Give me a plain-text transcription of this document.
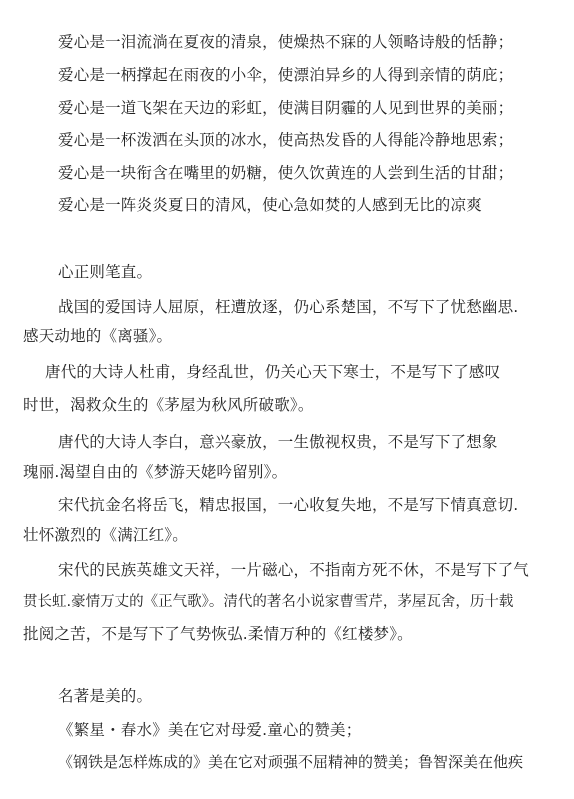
爱心是一泪流淌在夏夜的清泉，使燥热不寐的人领略诗般的恬静；
爱心是一柄撑起在雨夜的小伞，使漂泊异乡的人得到亲情的荫庇；
爱心是一道飞架在天边的彩虹，使满目阴霾的人见到世界的美丽；
爱心是一杯泼洒在头顶的冰水，使高热发昏的人得能冷静地思索；
爱心是一块衔含在嘴里的奶糖，使久饮黄连的人尝到生活的甘甜；
爱心是一阵炎炎夏日的清风，使心急如焚的人感到无比的凉爽
心正则笔直。
战国的爱国诗人屈原，枉遭放逐，仍心系楚国，不写下了忧愁幽思.
感天动地的《离骚》。
唐代的大诗人杜甫，身经乱世，仍关心天下寒士，不是写下了感叹
时世，渴救众生的《茅屋为秋风所破歌》。
唐代的大诗人李白，意兴豪放，一生傲视权贵，不是写下了想象
瑰丽.渴望自由的《梦游天姥吟留别》。
宋代抗金名将岳飞，精忠报国，一心收复失地，不是写下情真意切.
壮怀激烈的《满江红》。
宋代的民族英雄文天祥，一片磁心，不指南方死不休，不是写下了气
贯长虹.豪情万丈的《正气歌》。清代的著名小说家曹雪芹，茅屋瓦舍，历十载
批阅之苦，不是写下了气势恢弘.柔情万种的《红楼梦》。
名著是美的。
《繁星・春水》美在它对母爱.童心的赞美；
《钢铁是怎样炼成的》美在它对顽强不屈精神的赞美；鲁智深美在他疾
